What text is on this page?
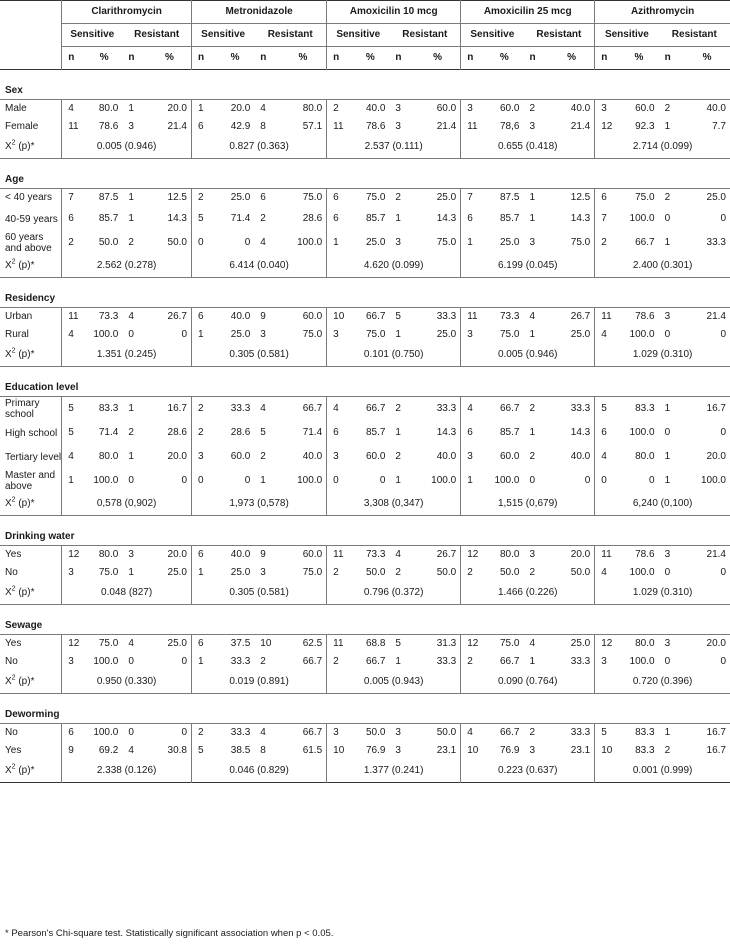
	Clarithromycin				Metronidazole				Amoxicilin 10 mcg				Amoxicilin 25 mcg				Azithromycin			
	Sensitive		Resistant		Sensitive		Resistant		Sensitive		Resistant		Sensitive		Resistant		Sensitive		Resistant	
	n	%	n	%	n	%	n	%	n	%	n	%	n	%	n	%	n	%	n	%
Sex																				
Male	4	80.0	1	20.0	1	20.0	4	80.0	2	40.0	3	60.0	3	60.0	2	40.0	3	60.0	2	40.0
Female	11	78.6	3	21.4	6	42.9	8	57.1	11	78.6	3	21.4	11	78,6	3	21.4	12	92.3	1	7.7
$X^2$ (p)*	0.005 (0.946)				0.827 (0.363)				2.537 (0.111)				0.655 (0.418)				2.714 (0.099)			
Age																				
< 40 years	7	87.5	1	12.5	2	25.0	6	75.0	6	75.0	2	25.0	7	87.5	1	12.5	6	75.0	2	25.0
40-59 years	6	85.7	1	14.3	5	71.4	2	28.6	6	85.7	1	14.3	6	85.7	1	14.3	7	100.0	0	0
60 years and above	2	50.0	2	50.0	0	0	4	100.0	1	25.0	3	75.0	1	25.0	3	75.0	2	66.7	1	33.3
$X^2$ (p)*	2.562 (0.278)				6.414 (0.040)				4.620 (0.099)				6.199 (0.045)				2.400 (0.301)			
Residency																				
Urban	11	73.3	4	26.7	6	40.0	9	60.0	10	66.7	5	33.3	11	73.3	4	26.7	11	78.6	3	21.4
Rural	4	100.0	0	0	1	25.0	3	75.0	3	75.0	1	25.0	3	75.0	1	25.0	4	100.0	0	0
$X^2$ (p)*	1.351 (0.245)				0.305 (0.581)				0.101 (0.750)				0.005 (0.946)				1.029 (0.310)			
Education level																				
Primary school	5	83.3	1	16.7	2	33.3	4	66.7	4	66.7	2	33.3	4	66.7	2	33.3	5	83.3	1	16.7
High school	5	71.4	2	28.6	2	28.6	5	71.4	6	85.7	1	14.3	6	85.7	1	14.3	6	100.0	0	0
Tertiary level	4	80.0	1	20.0	3	60.0	2	40.0	3	60.0	2	40.0	3	60.0	2	40.0	4	80.0	1	20.0
Master and above	1	100.0	0	0	0	0	1	100.0	0	0	1	100.0	1	100.0	0	0	0	0	1	100.0
$X^2$ (p)*	0,578 (0,902)				1,973 (0,578)				3,308 (0,347)				1,515 (0,679)				6,240 (0,100)			
Drinking water																				
Yes	12	80.0	3	20.0	6	40.0	9	60.0	11	73.3	4	26.7	12	80.0	3	20.0	11	78.6	3	21.4
No	3	75.0	1	25.0	1	25.0	3	75.0	2	50.0	2	50.0	2	50.0	2	50.0	4	100.0	0	0
$X^2$ (p)*	0.048 (827)				0.305 (0.581)				0.796 (0.372)				1.466 (0.226)				1.029 (0.310)			
Sewage																				
Yes	12	75.0	4	25.0	6	37.5	10	62.5	11	68.8	5	31.3	12	75.0	4	25.0	12	80.0	3	20.0
No	3	100.0	0	0	1	33.3	2	66.7	2	66.7	1	33.3	2	66.7	1	33.3	3	100.0	0	0
$X^2$ (p)*	0.950 (0.330)				0.019 (0.891)				0.005 (0.943)				0.090 (0.764)				0.720 (0.396)			
Deworming																				
No	6	100.0	0	0	2	33.3	4	66.7	3	50.0	3	50.0	4	66.7	2	33.3	5	83.3	1	16.7
Yes	9	69.2	4	30.8	5	38.5	8	61.5	10	76.9	3	23.1	10	76.9	3	23.1	10	83.3	2	16.7
$X^2$ (p)*	2.338 (0.126)				0.046 (0.829)				1.377 (0.241)				0.223 (0.637)				0.001 (0.999)			
* Pearson's Chi-square test. Statistically significant association when p < 0.05.
